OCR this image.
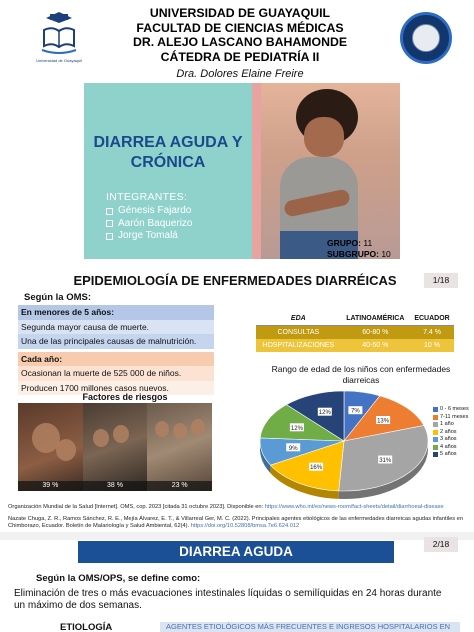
Universidad de Guayaquil
UNIVERSIDAD DE GUAYAQUIL
FACULTAD DE CIENCIAS MÉDICAS
DR. ALEJO LASCANO BAHAMONDE
CÁTEDRA DE PEDIATRÍA II
Dra. Dolores Elaine Freire
DIARREA AGUDA Y CRÓNICA
INTEGRANTES:
Génesis Fajardo
Aarón Baquerizo
Jorge Tomalá
GRUPO: 11
SUBGRUPO: 10
EPIDEMIOLOGÍA DE ENFERMEDADES DIARRÉICAS	1/18
Según la OMS:
En menores de 5 años:
Segunda mayor causa de muerte.
Una de las principales causas de malnutrición.
Cada año:
Ocasionan la muerte de 525 000 de niños.
Producen 1700 millones casos nuevos.
EDA	LATINOAMÉRICA	ECUADOR
CONSULTAS	60-80 %	7.4 %
HOSPITALIZACIONES	40-50 %	10 %
Rango de edad de los niños con enfermedades diarreicas
7%
13%
31%
16%
9%
12%
12%
0 - 6 meses
7-11 meses
1 año
2 años
3 años
4 años
5 años
Factores de riesgos
39 %	38 %	23 %
Organización Mundial de la Salud [Internet]. OMS, cop. 2023 [citada 31 octubre 2023]. Disponible en: https://www.who.int/es/news-room/fact-sheets/detail/diarrhoeal-disease
Nazate Chuga, Z. R., Ramos Sánchez, R. E., Mejía Álvarez, E. T., & Villarreal Ger, M. C. (2022). Principales agentes etiológicos de las enfermedades diarreicas agudas infantiles en Chimborazo, Ecuador. Boletín de Malariología y Salud Ambiental, 62(4). https://doi.org/10.52808/bmsa.7e6.624.012
DIARREA AGUDA	2/18
Según la OMS/OPS, se define como:
Eliminación de tres o más evacuaciones intestinales líquidas o semilíquidas en 24 horas durante un máximo de dos semanas.
ETIOLOGÍA	AGENTES ETIOLÓGICOS MÁS FRECUENTES E INGRESOS HOSPITALARIOS EN
